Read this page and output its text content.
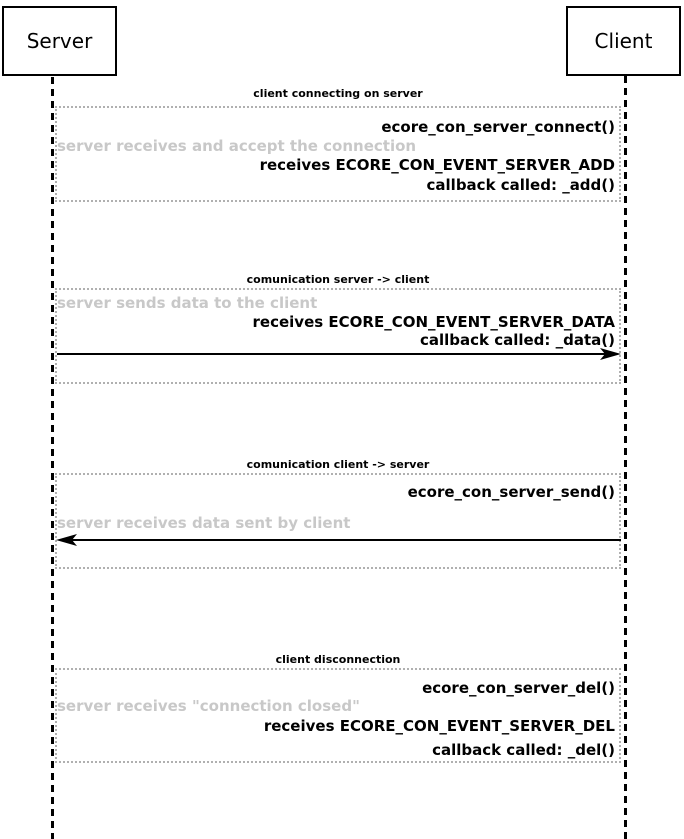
Server	Client
client connecting on server
ecore_con_server_connect()
server receives and accept the connection
receives ECORE_CON_EVENT_SERVER_ADD
callback called: _add()
comunication server -> client
server sends data to the client
receives ECORE_CON_EVENT_SERVER_DATA
callback called: _data()
comunication client -> server
ecore_con_server_send()
server receives data sent by client
client disconnection
ecore_con_server_del()
server receives "connection closed"
receives ECORE_CON_EVENT_SERVER_DEL
callback called: _del()
